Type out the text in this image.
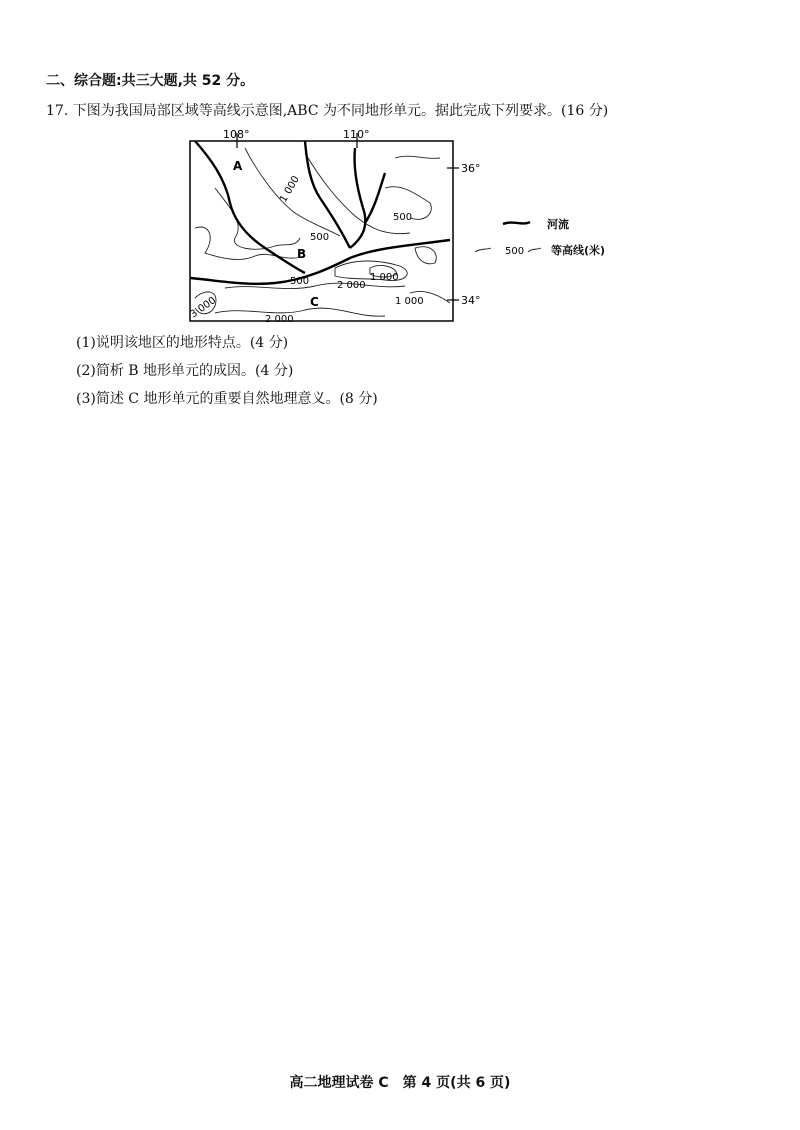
二、综合题:共三大题,共 52 分。
17. 下图为我国局部区域等高线示意图,ABC 为不同地形单元。据此完成下列要求。(16 分)
108°	110°
36°
34°
A
B
C
1 000
500
500
500	1 000
2 000
1 000
3 000	2 000
河流
500 等高线(米)
(1)说明该地区的地形特点。(4 分)
(2)简析 B 地形单元的成因。(4 分)
(3)简述 C 地形单元的重要自然地理意义。(8 分)
高二地理试卷 C　第 4 页(共 6 页)
